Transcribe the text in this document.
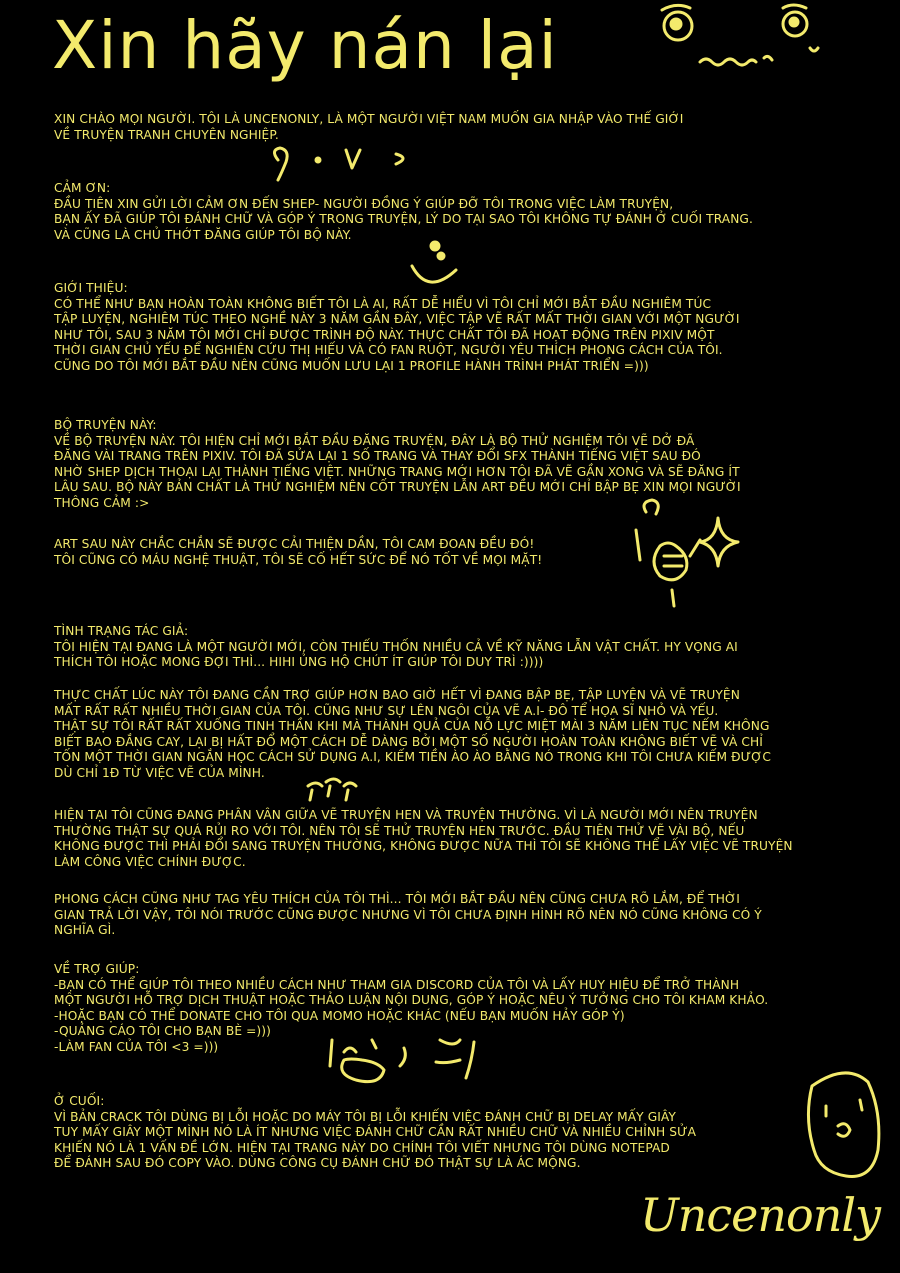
Xin hãy nán lại
XIN CHÀO MỌI NGƯỜI. TÔI LÀ UNCENONLY, LÀ MỘT NGƯỜI VIỆT NAM MUỐN GIA NHẬP VÀO THẾ GIỚI
VỀ TRUYỆN TRANH CHUYÊN NGHIỆP.
CẢM ƠN:
ĐẦU TIÊN XIN GỬI LỜI CẢM ƠN ĐẾN SHEP- NGƯỜI ĐỒNG Ý GIÚP ĐỠ TÔI TRONG VIỆC LÀM TRUYỆN,
BẠN ẤY ĐÃ GIÚP TÔI ĐÁNH CHỮ VÀ GÓP Ý TRONG TRUYỆN, LÝ DO TẠI SAO TÔI KHÔNG TỰ ĐÁNH Ở CUỐI TRANG.
VÀ CŨNG LÀ CHỦ THỚT ĐĂNG GIÚP TÔI BỘ NÀY.
GIỚI THIỆU:
CÓ THỂ NHƯ BẠN HOÀN TOÀN KHÔNG BIẾT TÔI LÀ AI, RẤT DỄ HIỂU VÌ TÔI CHỈ MỚI BẮT ĐẦU NGHIÊM TÚC
TẬP LUYỆN, NGHIÊM TÚC THEO NGHỀ NÀY 3 NĂM GẦN ĐÂY, VIỆC TẬP VẼ RẤT MẤT THỜI GIAN VỚI MỘT NGƯỜI
NHƯ TÔI, SAU 3 NĂM TÔI MỚI CHỈ ĐƯỢC TRÌNH ĐỘ NÀY. THỰC CHẤT TÔI ĐÃ HOẠT ĐỘNG TRÊN PIXIV MỘT
THỜI GIAN CHỦ YẾU ĐỂ NGHIÊN CỨU THỊ HIẾU VÀ CÓ FAN RUỘT, NGƯỜI YÊU THÍCH PHONG CÁCH CỦA TÔI.
CŨNG DO TÔI MỚI BẮT ĐẦU NÊN CŨNG MUỐN LƯU LẠI 1 PROFILE HÀNH TRÌNH PHÁT TRIỂN =)))
BỘ TRUYỆN NÀY:
VỀ BỘ TRUYỆN NÀY. TÔI HIỆN CHỈ MỚI BẮT ĐẦU ĐĂNG TRUYỆN, ĐÂY LÀ BỘ THỬ NGHIỆM TÔI VẼ DỞ ĐÃ
ĐĂNG VÀI TRANG TRÊN PIXIV. TÔI ĐÃ SỬA LẠI 1 SỐ TRANG VÀ THAY ĐỔI SFX THÀNH TIẾNG VIỆT SAU ĐÓ
NHỜ SHEP DỊCH THOẠI LẠI THÀNH TIẾNG VIỆT. NHỮNG TRANG MỚI HƠN TÔI ĐÃ VẼ GẦN XONG VÀ SẼ ĐĂNG ÍT
LÂU SAU. BỘ NÀY BẢN CHẤT LÀ THỬ NGHIỆM NÊN CỐT TRUYỆN LẪN ART ĐỀU MỚI CHỈ BẬP BẸ XIN MỌI NGƯỜI
THÔNG CẢM :>
ART SAU NÀY CHẮC CHẮN SẼ ĐƯỢC CẢI THIỆN DẦN, TÔI CAM ĐOAN ĐỀU ĐÓ!
TÔI CŨNG CÓ MÁU NGHỆ THUẬT, TÔI SẼ CỐ HẾT SỨC ĐỂ NÓ TỐT VỀ MỌI MẶT!
TÌNH TRẠNG TÁC GIẢ:
TÔI HIỆN TẠI ĐANG LÀ MỘT NGƯỜI MỚI, CÒN THIẾU THỐN NHIỀU CẢ VỀ KỸ NĂNG LẪN VẬT CHẤT. HY VỌNG AI
THÍCH TÔI HOẶC MONG ĐỢI THÌ... HIHI ỦNG HỘ CHÚT ÍT GIÚP TÔI DUY TRÌ :))))
THỰC CHẤT LÚC NÀY TÔI ĐANG CẦN TRỢ GIÚP HƠN BAO GIỜ HẾT VÌ ĐANG BẬP BẸ, TẬP LUYỆN VÀ VẼ TRUYỆN
MẤT RẤT RẤT NHIỀU THỜI GIAN CỦA TÔI. CŨNG NHƯ SỰ LÊN NGÔI CỦA VẼ A.I- ĐÔ TỂ HỌA SĨ NHỎ VÀ YẾU.
THẬT SỰ TÔI RẤT RẤT XUỐNG TINH THẦN KHI MÀ THÀNH QUẢ CỦA NỖ LỰC MIỆT MÀI 3 NĂM LIÊN TỤC NẾM KHÔNG
BIẾT BAO ĐẮNG CAY, LẠI BỊ HẤT ĐỔ MỘT CÁCH DỄ DÀNG BỞI MỘT SỐ NGƯỜI HOÀN TOÀN KHÔNG BIẾT VẼ VÀ CHỈ
TỐN MỘT THỜI GIAN NGẮN HỌC CÁCH SỬ DỤNG A.I, KIẾM TIỀN ÀO ÀO BẰNG NÓ TRONG KHI TÔI CHƯA KIẾM ĐƯỢC
DÙ CHỈ 1Đ TỪ VIỆC VẼ CỦA MÌNH.
HIỆN TẠI TÔI CŨNG ĐANG PHÂN VÂN GIỮA VẼ TRUYỆN HEN VÀ TRUYỆN THƯỜNG. VÌ LÀ NGƯỜI MỚI NÊN TRUYỆN
THƯỜNG THẬT SỰ QUÁ RỦI RO VỚI TÔI. NÊN TÔI SẼ THỬ TRUYỆN HEN TRƯỚC. ĐẦU TIÊN THỬ VẼ VÀI BỘ, NẾU
KHÔNG ĐƯỢC THÌ PHẢI ĐỔI SANG TRUYỆN THƯỜNG, KHÔNG ĐƯỢC NỮA THÌ TÔI SẼ KHÔNG THỂ LẤY VIỆC VẼ TRUYỆN
LÀM CÔNG VIỆC CHÍNH ĐƯỢC.
PHONG CÁCH CŨNG NHƯ TAG YÊU THÍCH CỦA TÔI THÌ... TÔI MỚI BẮT ĐẦU NÊN CŨNG CHƯA RÕ LẮM, ĐỂ THỜI
GIAN TRẢ LỜI VẬY, TÔI NÓI TRƯỚC CŨNG ĐƯỢC NHƯNG VÌ TÔI CHƯA ĐỊNH HÌNH RÕ NÊN NÓ CŨNG KHÔNG CÓ Ý
NGHĨA GÌ.
VỀ TRỢ GIÚP:
-BẠN CÓ THỂ GIÚP TÔI THEO NHIỀU CÁCH NHƯ THAM GIA DISCORD CỦA TÔI VÀ LẤY HUY HIỆU ĐỂ TRỞ THÀNH
MỘT NGƯỜI HỖ TRỢ DỊCH THUẬT HOẶC THẢO LUẬN NỘI DUNG, GÓP Ý HOẶC NÊU Ý TƯỞNG CHO TÔI KHAM KHẢO.
-HOẶC BẠN CÓ THỂ DONATE CHO TÔI QUA MOMO HOẶC KHÁC (NẾU BẠN MUỐN HẢY GÓP Ý)
-QUẢNG CÁO TÔI CHO BẠN BÈ =)))
-LÀM FAN CỦA TÔI <3 =)))
Ở CUỐI:
VÌ BẢN CRACK TÔI DÙNG BỊ LỖI HOẶC DO MÁY TÔI BỊ LỖI KHIẾN VIỆC ĐÁNH CHỮ BỊ DELAY MẤY GIÂY
TUY MẤY GIÂY MỘT MÌNH NÓ LÀ ÍT NHƯNG VIỆC ĐÁNH CHỮ CẦN RẤT NHIỀU CHỮ VÀ NHIỀU CHỈNH SỬA
KHIẾN NÓ LÀ 1 VẤN ĐỀ LỚN. HIỆN TẠI TRANG NÀY DO CHÍNH TÔI VIẾT NHƯNG TÔI DÙNG NOTEPAD
ĐỂ ĐÁNH SAU ĐÓ COPY VÀO. DÙNG CÔNG CỤ ĐÁNH CHỮ ĐÓ THẬT SỰ LÀ ÁC MỘNG.
Uncenonly
